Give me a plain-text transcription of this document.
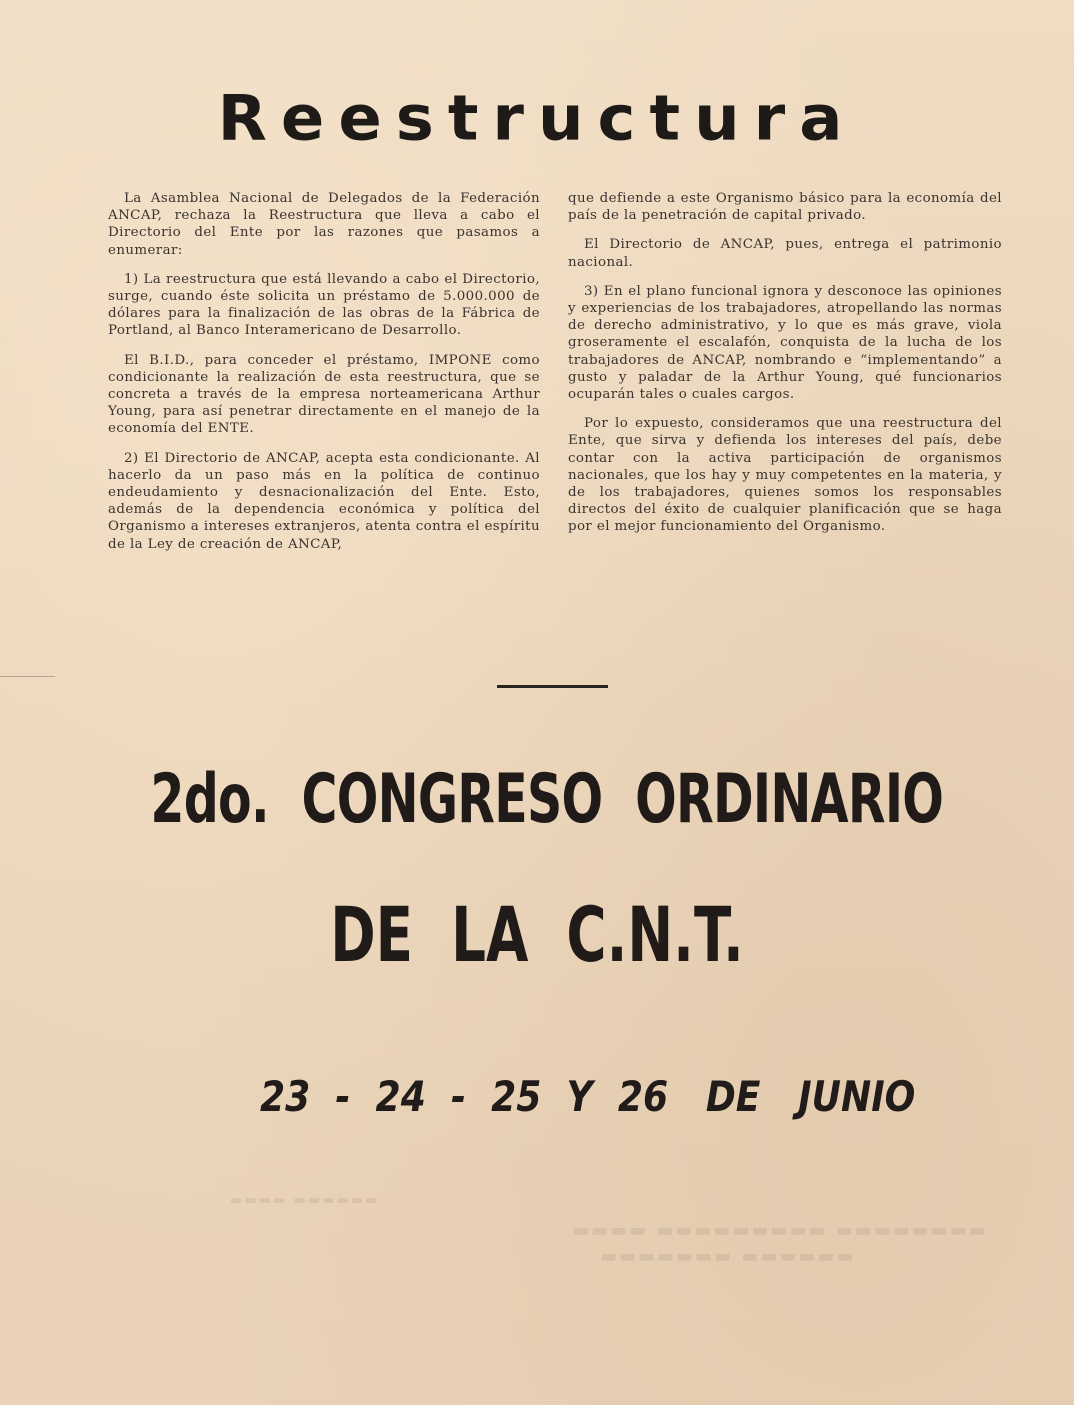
Reestructura

La Asamblea Nacional de Delegados de la Federación ANCAP, rechaza la Reestructura que lleva a cabo el Directorio del Ente por las razones que pasamos a enumerar:

1) La reestructura que está llevando a cabo el Directorio, surge, cuando éste solicita un préstamo de 5.000.000 de dólares para la finalización de las obras de la Fábrica de Portland, al Banco Interamericano de Desarrollo.

El B.I.D., para conceder el préstamo, IMPONE como condicionante la realización de esta reestructura, que se concreta a través de la empresa norteamericana Arthur Young, para así penetrar directamente en el manejo de la economía del ENTE.

2) El Directorio de ANCAP, acepta esta condicionante. Al hacerlo da un paso más en la política de continuo endeudamiento y desnacionalización del Ente. Esto, además de la dependencia económica y política del Organismo a intereses extranjeros, atenta contra el espíritu de la Ley de creación de ANCAP,

que defiende a este Organismo básico para la economía del país de la penetración de capital privado.

El Directorio de ANCAP, pues, entrega el patrimonio nacional.

3) En el plano funcional ignora y desconoce las opiniones y experiencias de los trabajadores, atropellando las normas de derecho administrativo, y lo que es más grave, viola groseramente el escalafón, conquista de la lucha de los trabajadores de ANCAP, nombrando e “implementando” a gusto y paladar de la Arthur Young, qué funcionarios ocuparán tales o cuales cargos.

Por lo expuesto, consideramos que una reestructura del Ente, que sirva y defienda los intereses del país, debe contar con la activa participación de organismos nacionales, que los hay y muy competentes en la materia, y de los trabajadores, quienes somos los responsables directos del éxito de cualquier planificación que se haga por el mejor funcionamiento del Organismo.

2do.  CONGRESO  ORDINARIO
DE  LA  C.N.T.
23  -  24  -  25  Y  26   DE   JUNIO
▬▬▬▬ ▬▬▬▬▬▬
▬▬▬▬ ▬▬▬▬▬▬▬▬▬ ▬▬▬▬▬▬▬▬
▬▬▬▬▬▬▬ ▬▬▬▬▬▬
